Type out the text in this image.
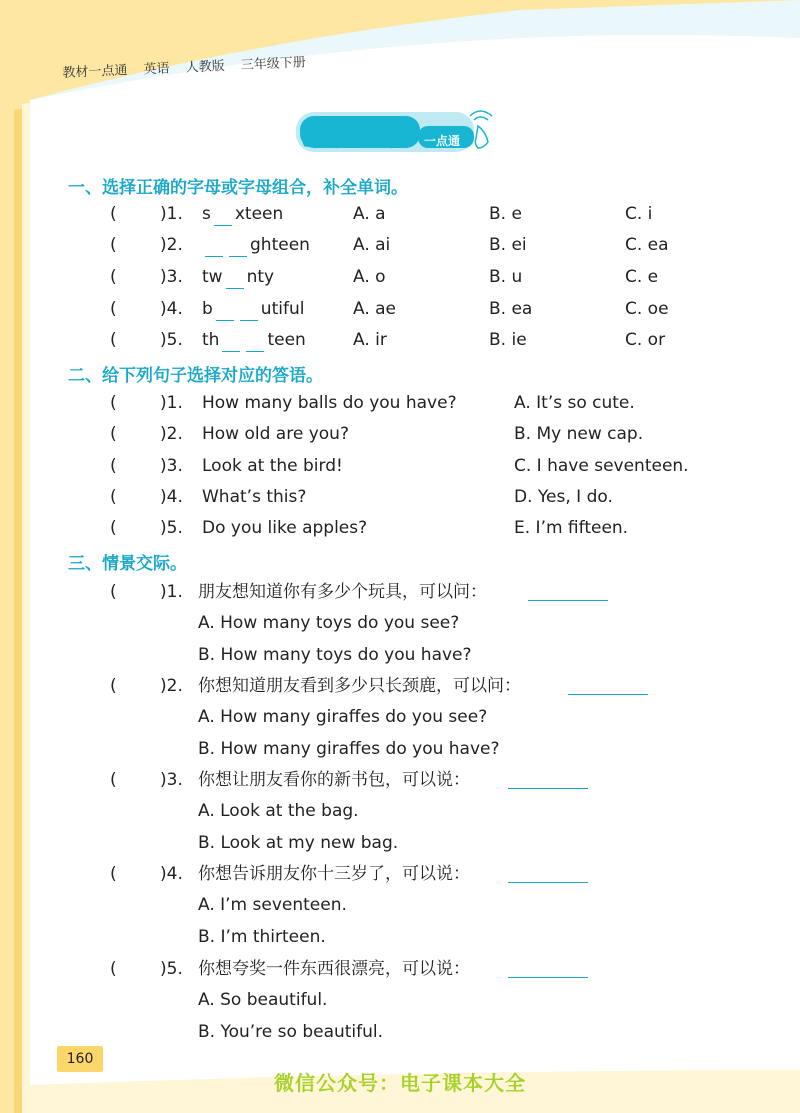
教材一点通 英语 人教版 三年级下册
课后集训 一点通
一、选择正确的字母或字母组合，补全单词。
(	)1. s xteen	A. a	B. e	C. i
(	)2.	ghteen	A. ai	B. ei	C. ea
(	)3. tw nty	A. o	B. u	C. e
(	)4. b	utiful	A. ae	B. ea	C. oe
(	)5. th	teen	A. ir	B. ie	C. or
二、给下列句子选择对应的答语。
(	)1. How many balls do you have?	A. It’s so cute.
(	)2. How old are you?	B. My new cap.
(	)3. Look at the bird!	C. I have seventeen.
(	)4. What’s this?	D. Yes, I do.
(	)5. Do you like apples?	E. I’m fifteen.
三、情景交际。
(	)1. 朋友想知道你有多少个玩具，可以问：
A. How many toys do you see?
B. How many toys do you have?
(	)2. 你想知道朋友看到多少只长颈鹿，可以问：
A. How many giraffes do you see?
B. How many giraffes do you have?
(	)3. 你想让朋友看你的新书包，可以说：
A. Look at the bag.
B. Look at my new bag.
(	)4. 你想告诉朋友你十三岁了，可以说：
A. I’m seventeen.
B. I’m thirteen.
(	)5. 你想夸奖一件东西很漂亮，可以说：
A. So beautiful.
B. You’re so beautiful.
160
微信公众号：电子课本大全
